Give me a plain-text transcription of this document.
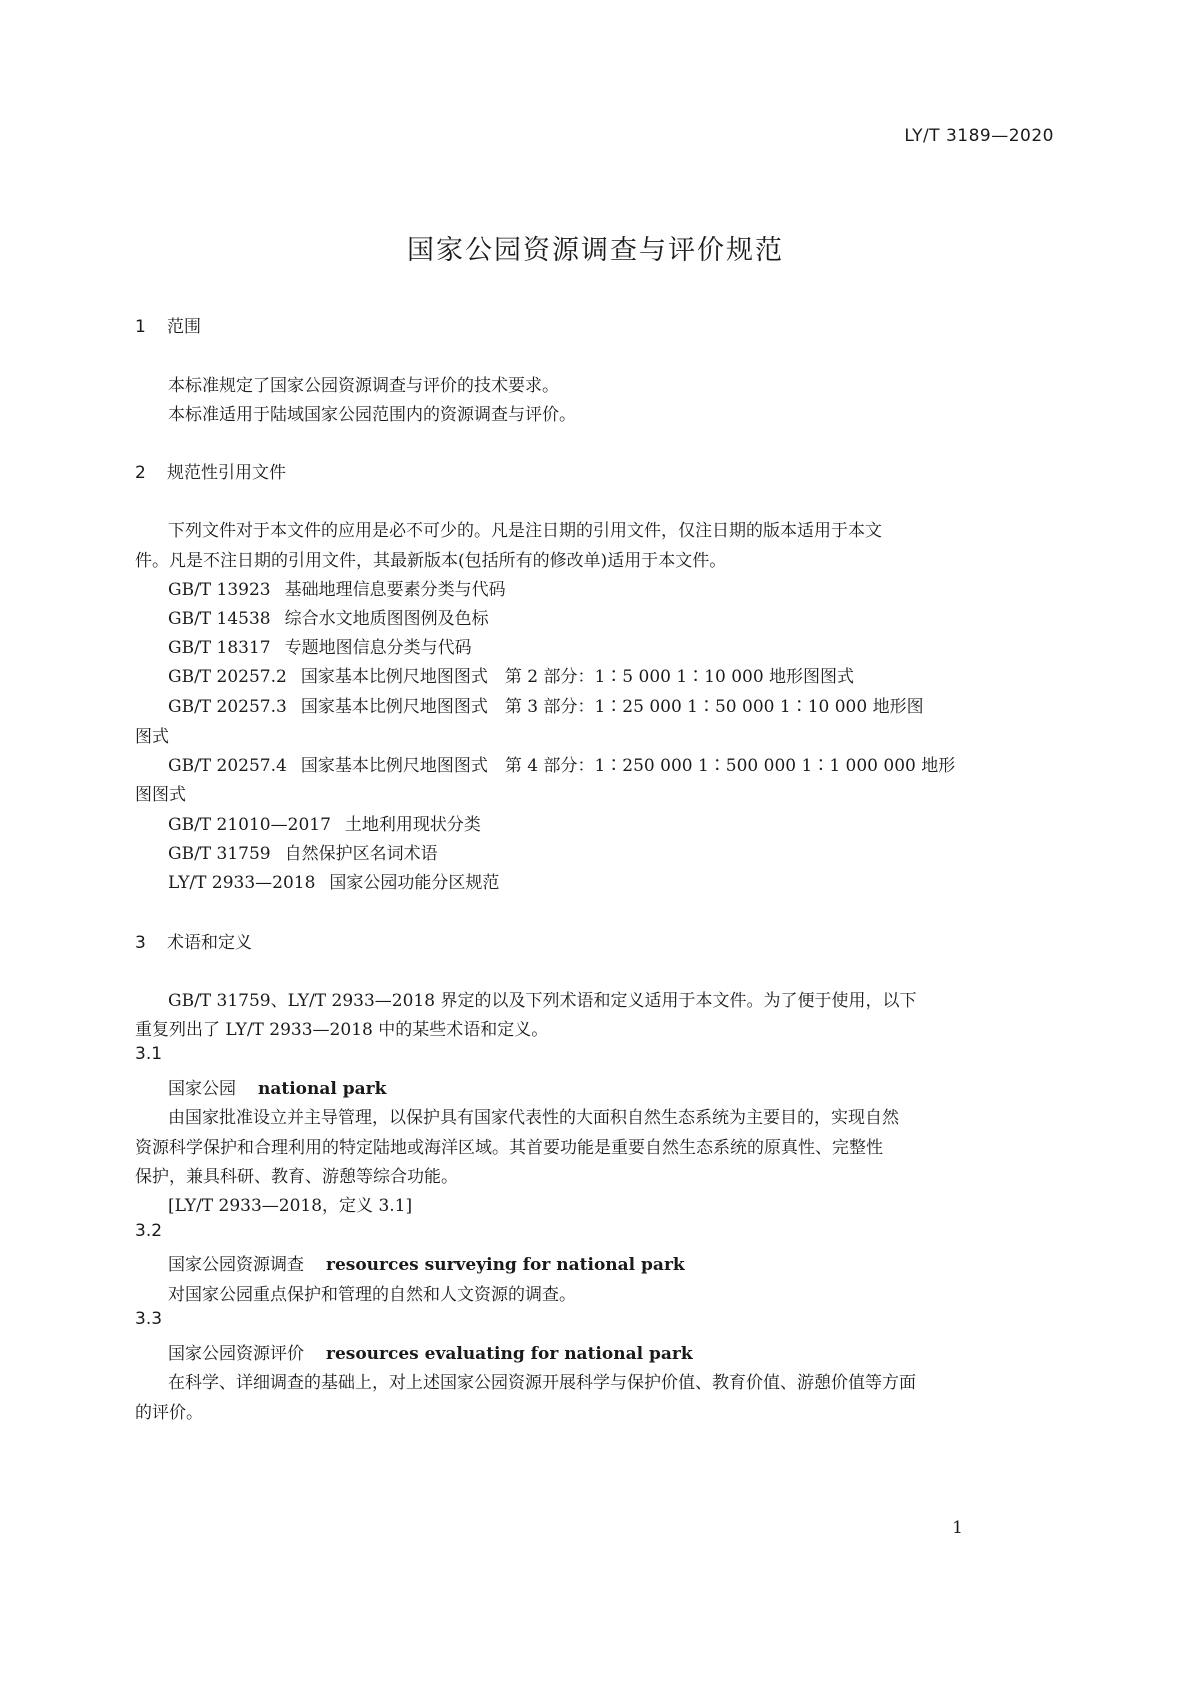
LY/T 3189—2020
国家公园资源调查与评价规范
1 范围
本标准规定了国家公园资源调查与评价的技术要求。
本标准适用于陆域国家公园范围内的资源调查与评价。
2 规范性引用文件
下列文件对于本文件的应用是必不可少的。凡是注日期的引用文件，仅注日期的版本适用于本文
件。凡是不注日期的引用文件，其最新版本(包括所有的修改单)适用于本文件。
GB/T 13923 基础地理信息要素分类与代码
GB/T 14538 综合水文地质图图例及色标
GB/T 18317 专题地图信息分类与代码
GB/T 20257.2 国家基本比例尺地图图式　第 2 部分：1∶5 000 1∶10 000 地形图图式
GB/T 20257.3 国家基本比例尺地图图式　第 3 部分：1∶25 000 1∶50 000 1∶10 000 地形图
图式
GB/T 20257.4 国家基本比例尺地图图式　第 4 部分：1∶250 000 1∶500 000 1∶1 000 000 地形
图图式
GB/T 21010—2017 土地利用现状分类
GB/T 31759 自然保护区名词术语
LY/T 2933—2018 国家公园功能分区规范
3 术语和定义
GB/T 31759、LY/T 2933—2018 界定的以及下列术语和定义适用于本文件。为了便于使用，以下
重复列出了 LY/T 2933—2018 中的某些术语和定义。
3.1
国家公园 national park
由国家批准设立并主导管理，以保护具有国家代表性的大面积自然生态系统为主要目的，实现自然
资源科学保护和合理利用的特定陆地或海洋区域。其首要功能是重要自然生态系统的原真性、完整性
保护，兼具科研、教育、游憩等综合功能。
[LY/T 2933—2018，定义 3.1]
3.2
国家公园资源调查 resources surveying for national park
对国家公园重点保护和管理的自然和人文资源的调查。
3.3
国家公园资源评价 resources evaluating for national park
在科学、详细调查的基础上，对上述国家公园资源开展科学与保护价值、教育价值、游憩价值等方面
的评价。
1
